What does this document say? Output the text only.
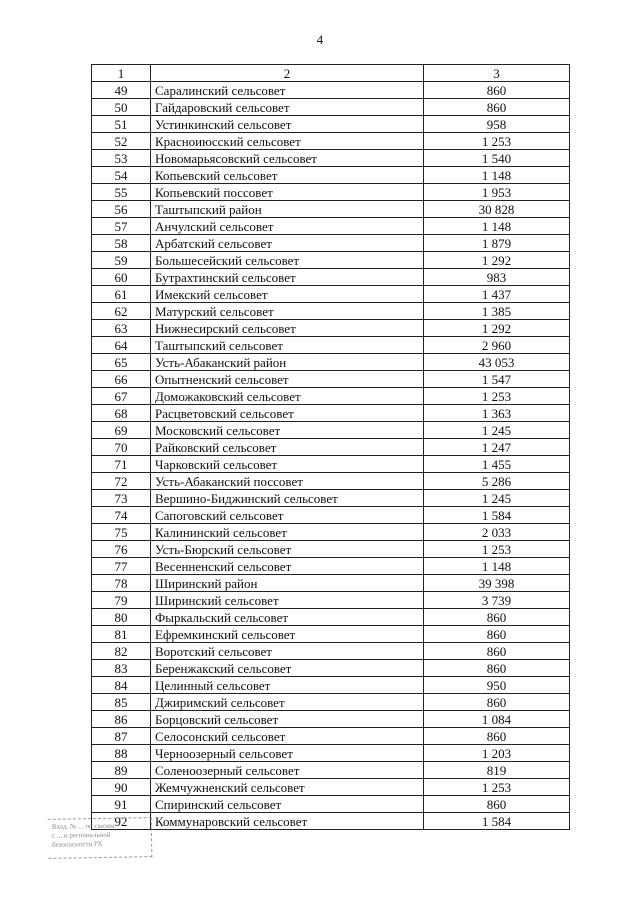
4
1	2	3
49	Саралинский сельсовет	860
50	Гайдаровский сельсовет	860
51	Устинкинский сельсовет	958
52	Красноиюсский сельсовет	1 253
53	Новомарьясовский сельсовет	1 540
54	Копьевский сельсовет	1 148
55	Копьевский поссовет	1 953
56	Таштыпский район	30 828
57	Анчулский сельсовет	1 148
58	Арбатский сельсовет	1 879
59	Большесейский сельсовет	1 292
60	Бутрахтинский сельсовет	983
61	Имекский сельсовет	1 437
62	Матурский сельсовет	1 385
63	Нижнесирский сельсовет	1 292
64	Таштыпский сельсовет	2 960
65	Усть-Абаканский район	43 053
66	Опытненский сельсовет	1 547
67	Доможаковский сельсовет	1 253
68	Расцветовский сельсовет	1 363
69	Московский сельсовет	1 245
70	Райковский сельсовет	1 247
71	Чарковский сельсовет	1 455
72	Усть-Абаканский поссовет	5 286
73	Вершино-Биджинский сельсовет	1 245
74	Сапоговский сельсовет	1 584
75	Калининский сельсовет	2 033
76	Усть-Бюрский сельсовет	1 253
77	Весенненский сельсовет	1 148
78	Ширинский район	39 398
79	Ширинский сельсовет	3 739
80	Фыркальский сельсовет	860
81	Ефремкинский сельсовет	860
82	Воротский сельсовет	860
83	Беренжакский сельсовет	860
84	Целинный сельсовет	950
85	Джиримский сельсовет	860
86	Борцовский сельсовет	1 084
87	Селосонский сельсовет	860
88	Черноозерный сельсовет	1 203
89	Соленоозерный сельсовет	819
90	Жемчужненский сельсовет	1 253
91	Спиринский сельсовет	860
92	Коммунаровский сельсовет	1 584
Вход. № ... по связям
с ... и региональной
безопасности РХ
